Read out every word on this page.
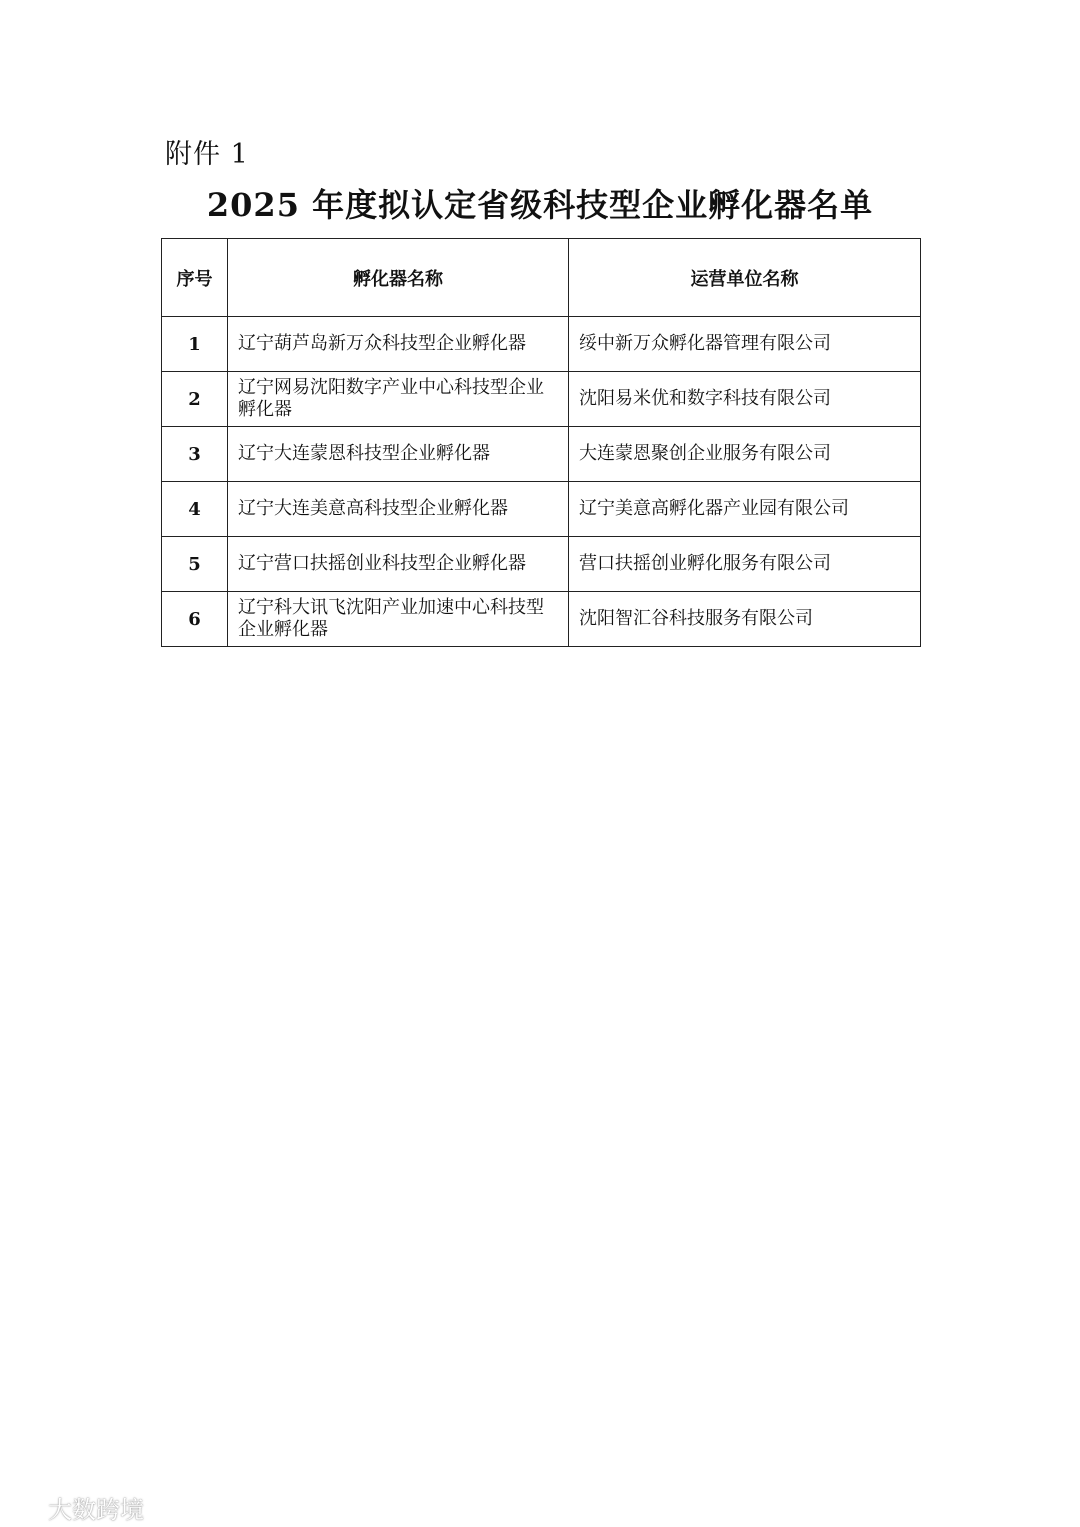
附件 1
2025 年度拟认定省级科技型企业孵化器名单
序号	孵化器名称	运营单位名称
1	辽宁葫芦岛新万众科技型企业孵化器	绥中新万众孵化器管理有限公司
2	辽宁网易沈阳数字产业中心科技型企业孵化器	沈阳易米优和数字科技有限公司
3	辽宁大连蒙恩科技型企业孵化器	大连蒙恩聚创企业服务有限公司
4	辽宁大连美意高科技型企业孵化器	辽宁美意高孵化器产业园有限公司
5	辽宁营口扶摇创业科技型企业孵化器	营口扶摇创业孵化服务有限公司
6	辽宁科大讯飞沈阳产业加速中心科技型企业孵化器	沈阳智汇谷科技服务有限公司
大数跨境
